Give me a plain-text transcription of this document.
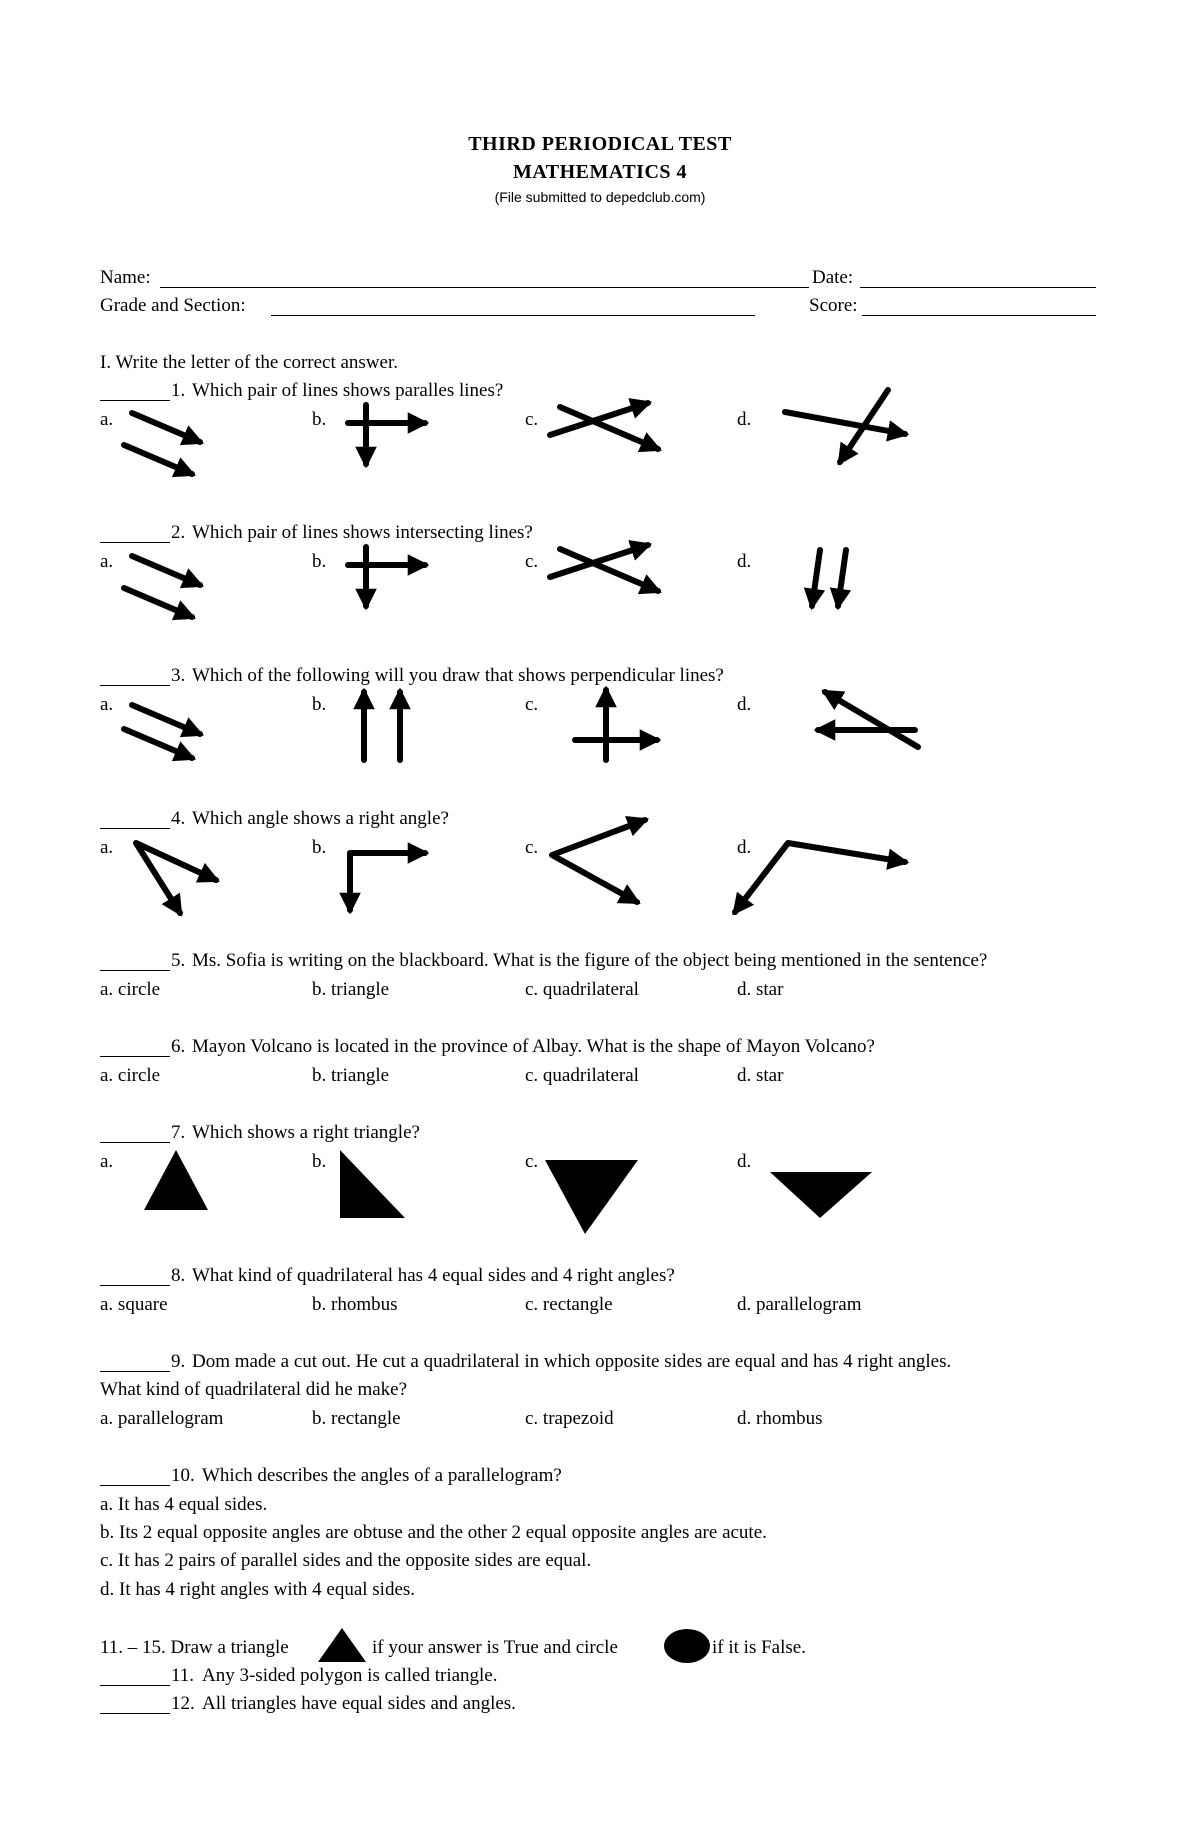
THIRD PERIODICAL TEST
MATHEMATICS 4
(File submitted to depedclub.com)
Name:	Date:
Grade and Section:	Score:
I. Write the letter of the correct answer.
1. Which pair of lines shows paralles lines?
a.	b.	c.	d.
2. Which pair of lines shows intersecting lines?
a.	b.	c.	d.
3. Which of the following will you draw that shows perpendicular lines?
a.	b.	c.	d.
4. Which angle shows a right angle?
a.	b.	c.	d.
5. Ms. Sofia is writing on the blackboard. What is the figure of the object being mentioned in the sentence?
a. circle	b. triangle	c. quadrilateral	d. star
6. Mayon Volcano is located in the province of Albay. What is the shape of Mayon Volcano?
a. circle	b. triangle	c. quadrilateral	d. star
7. Which shows a right triangle?
a.	b.	c.	d.
8. What kind of quadrilateral has 4 equal sides and 4 right angles?
a. square	b. rhombus	c. rectangle	d. parallelogram
9. Dom made a cut out. He cut a quadrilateral in which opposite sides are equal and has 4 right angles.
What kind of quadrilateral did he make?
a. parallelogram	b. rectangle	c. trapezoid	d. rhombus
10. Which describes the angles of a parallelogram?
a. It has 4 equal sides.
b. Its 2 equal opposite angles are obtuse and the other 2 equal opposite angles are acute.
c. It has 2 pairs of parallel sides and the opposite sides are equal.
d. It has 4 right angles with 4 equal sides.
11. – 15. Draw a triangle	if your answer is True and circle	if it is False.
11. Any 3-sided polygon is called triangle.
12. All triangles have equal sides and angles.
